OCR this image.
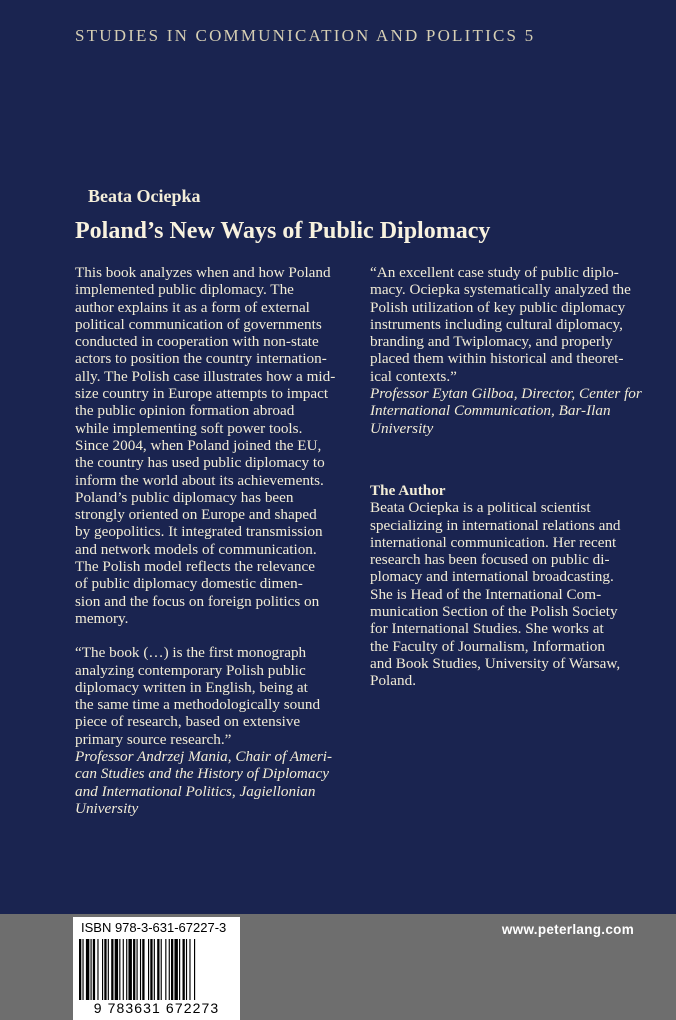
STUDIES IN COMMUNICATION AND POLITICS 5
Beata Ociepka
Poland’s New Ways of Public Diplomacy
This book analyzes when and how Poland
implemented public diplomacy. The
author explains it as a form of external
political communication of governments
conducted in cooperation with non-state
actors to position the country internation-
ally. The Polish case illustrates how a mid-
size country in Europe attempts to impact
the public opinion formation abroad
while implementing soft power tools.
Since 2004, when Poland joined the EU,
the country has used public diplomacy to
inform the world about its achievements.
Poland’s public diplomacy has been
strongly oriented on Europe and shaped
by geopolitics. It integrated transmission
and network models of communication.
The Polish model reflects the relevance
of public diplomacy domestic dimen-
sion and the focus on foreign politics on
memory.
“The book (…) is the first monograph
analyzing contemporary Polish public
diplomacy written in English, being at
the same time a methodologically sound
piece of research, based on extensive
primary source research.”
Professor Andrzej Mania, Chair of Ameri-
can Studies and the History of Diplomacy
and International Politics, Jagiellonian
University
“An excellent case study of public diplo-
macy. Ociepka systematically analyzed the
Polish utilization of key public diplomacy
instruments including cultural diplomacy,
branding and Twiplomacy, and properly
placed them within historical and theoret-
ical contexts.”
Professor Eytan Gilboa, Director, Center for
International Communication, Bar-Ilan
University
The Author
Beata Ociepka is a political scientist
specializing in international relations and
international communication. Her recent
research has been focused on public di-
plomacy and international broadcasting.
She is Head of the International Com-
munication Section of the Polish Society
for International Studies. She works at
the Faculty of Journalism, Information
and Book Studies, University of Warsaw,
Poland.
www.peterlang.com
ISBN 978-3-631-67227-3
9 783631 672273
